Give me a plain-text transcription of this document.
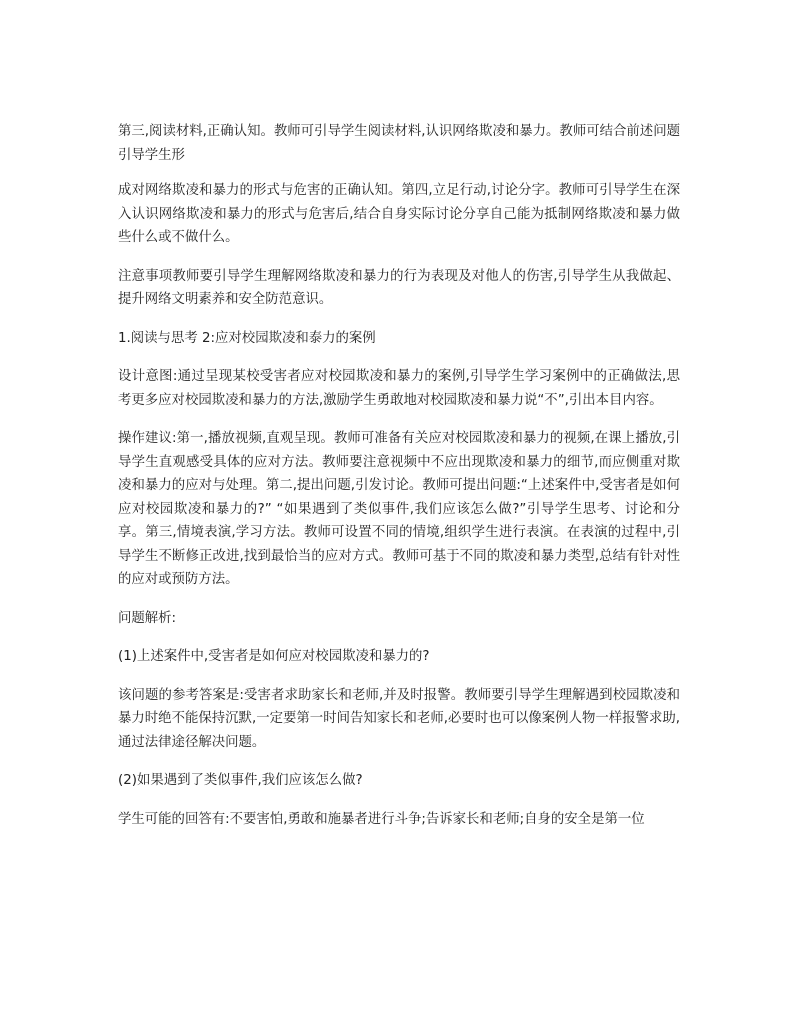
第三,阅读材料,正确认知。教师可引导学生阅读材料,认识网络欺凌和暴力。教师可结合前述问题引导学生形

成对网络欺凌和暴力的形式与危害的正确认知。第四,立足行动,讨论分字。教师可引导学生在深入认识网络欺凌和暴力的形式与危害后,结合自身实际讨论分享自己能为抵制网络欺凌和暴力做些什么或不做什么。

注意事项教师要引导学生理解网络欺凌和暴力的行为表现及对他人的伤害,引导学生从我做起、提升网络文明素养和安全防范意识。

1.阅读与思考 2:应对校园欺凌和泰力的案例

设计意图:通过呈现某校受害者应对校园欺凌和暴力的案例,引导学生学习案例中的正确做法,思考更多应对校园欺凌和暴力的方法,激励学生勇敢地对校园欺凌和暴力说“不”,引出本目内容。

操作建议:第一,播放视频,直观呈现。教师可准备有关应对校园欺凌和暴力的视频,在课上播放,引导学生直观感受具体的应对方法。教师要注意视频中不应出现欺凌和暴力的细节,而应侧重对欺凌和暴力的应对与处理。第二,提出问题,引发讨论。教师可提出问题:“上述案件中,受害者是如何应对校园欺凌和暴力的?” “如果遇到了类似事件,我们应该怎么做?”引导学生思考、讨论和分享。第三,情境表演,学习方法。教师可设置不同的情境,组织学生进行表演。在表演的过程中,引导学生不断修正改进,找到最恰当的应对方式。教师可基于不同的欺凌和暴力类型,总结有针对性的应对或预防方法。

问题解析:

(1)上述案件中,受害者是如何应对校园欺凌和暴力的?

该问题的参考答案是:受害者求助家长和老师,并及时报警。教师要引导学生理解遇到校园欺凌和暴力时绝不能保持沉默,一定要第一时间告知家长和老师,必要时也可以像案例人物一样报警求助,通过法律途径解决问题。

(2)如果遇到了类似事件,我们应该怎么做?

学生可能的回答有:不要害怕,勇敢和施暴者进行斗争;告诉家长和老师;自身的安全是第一位
